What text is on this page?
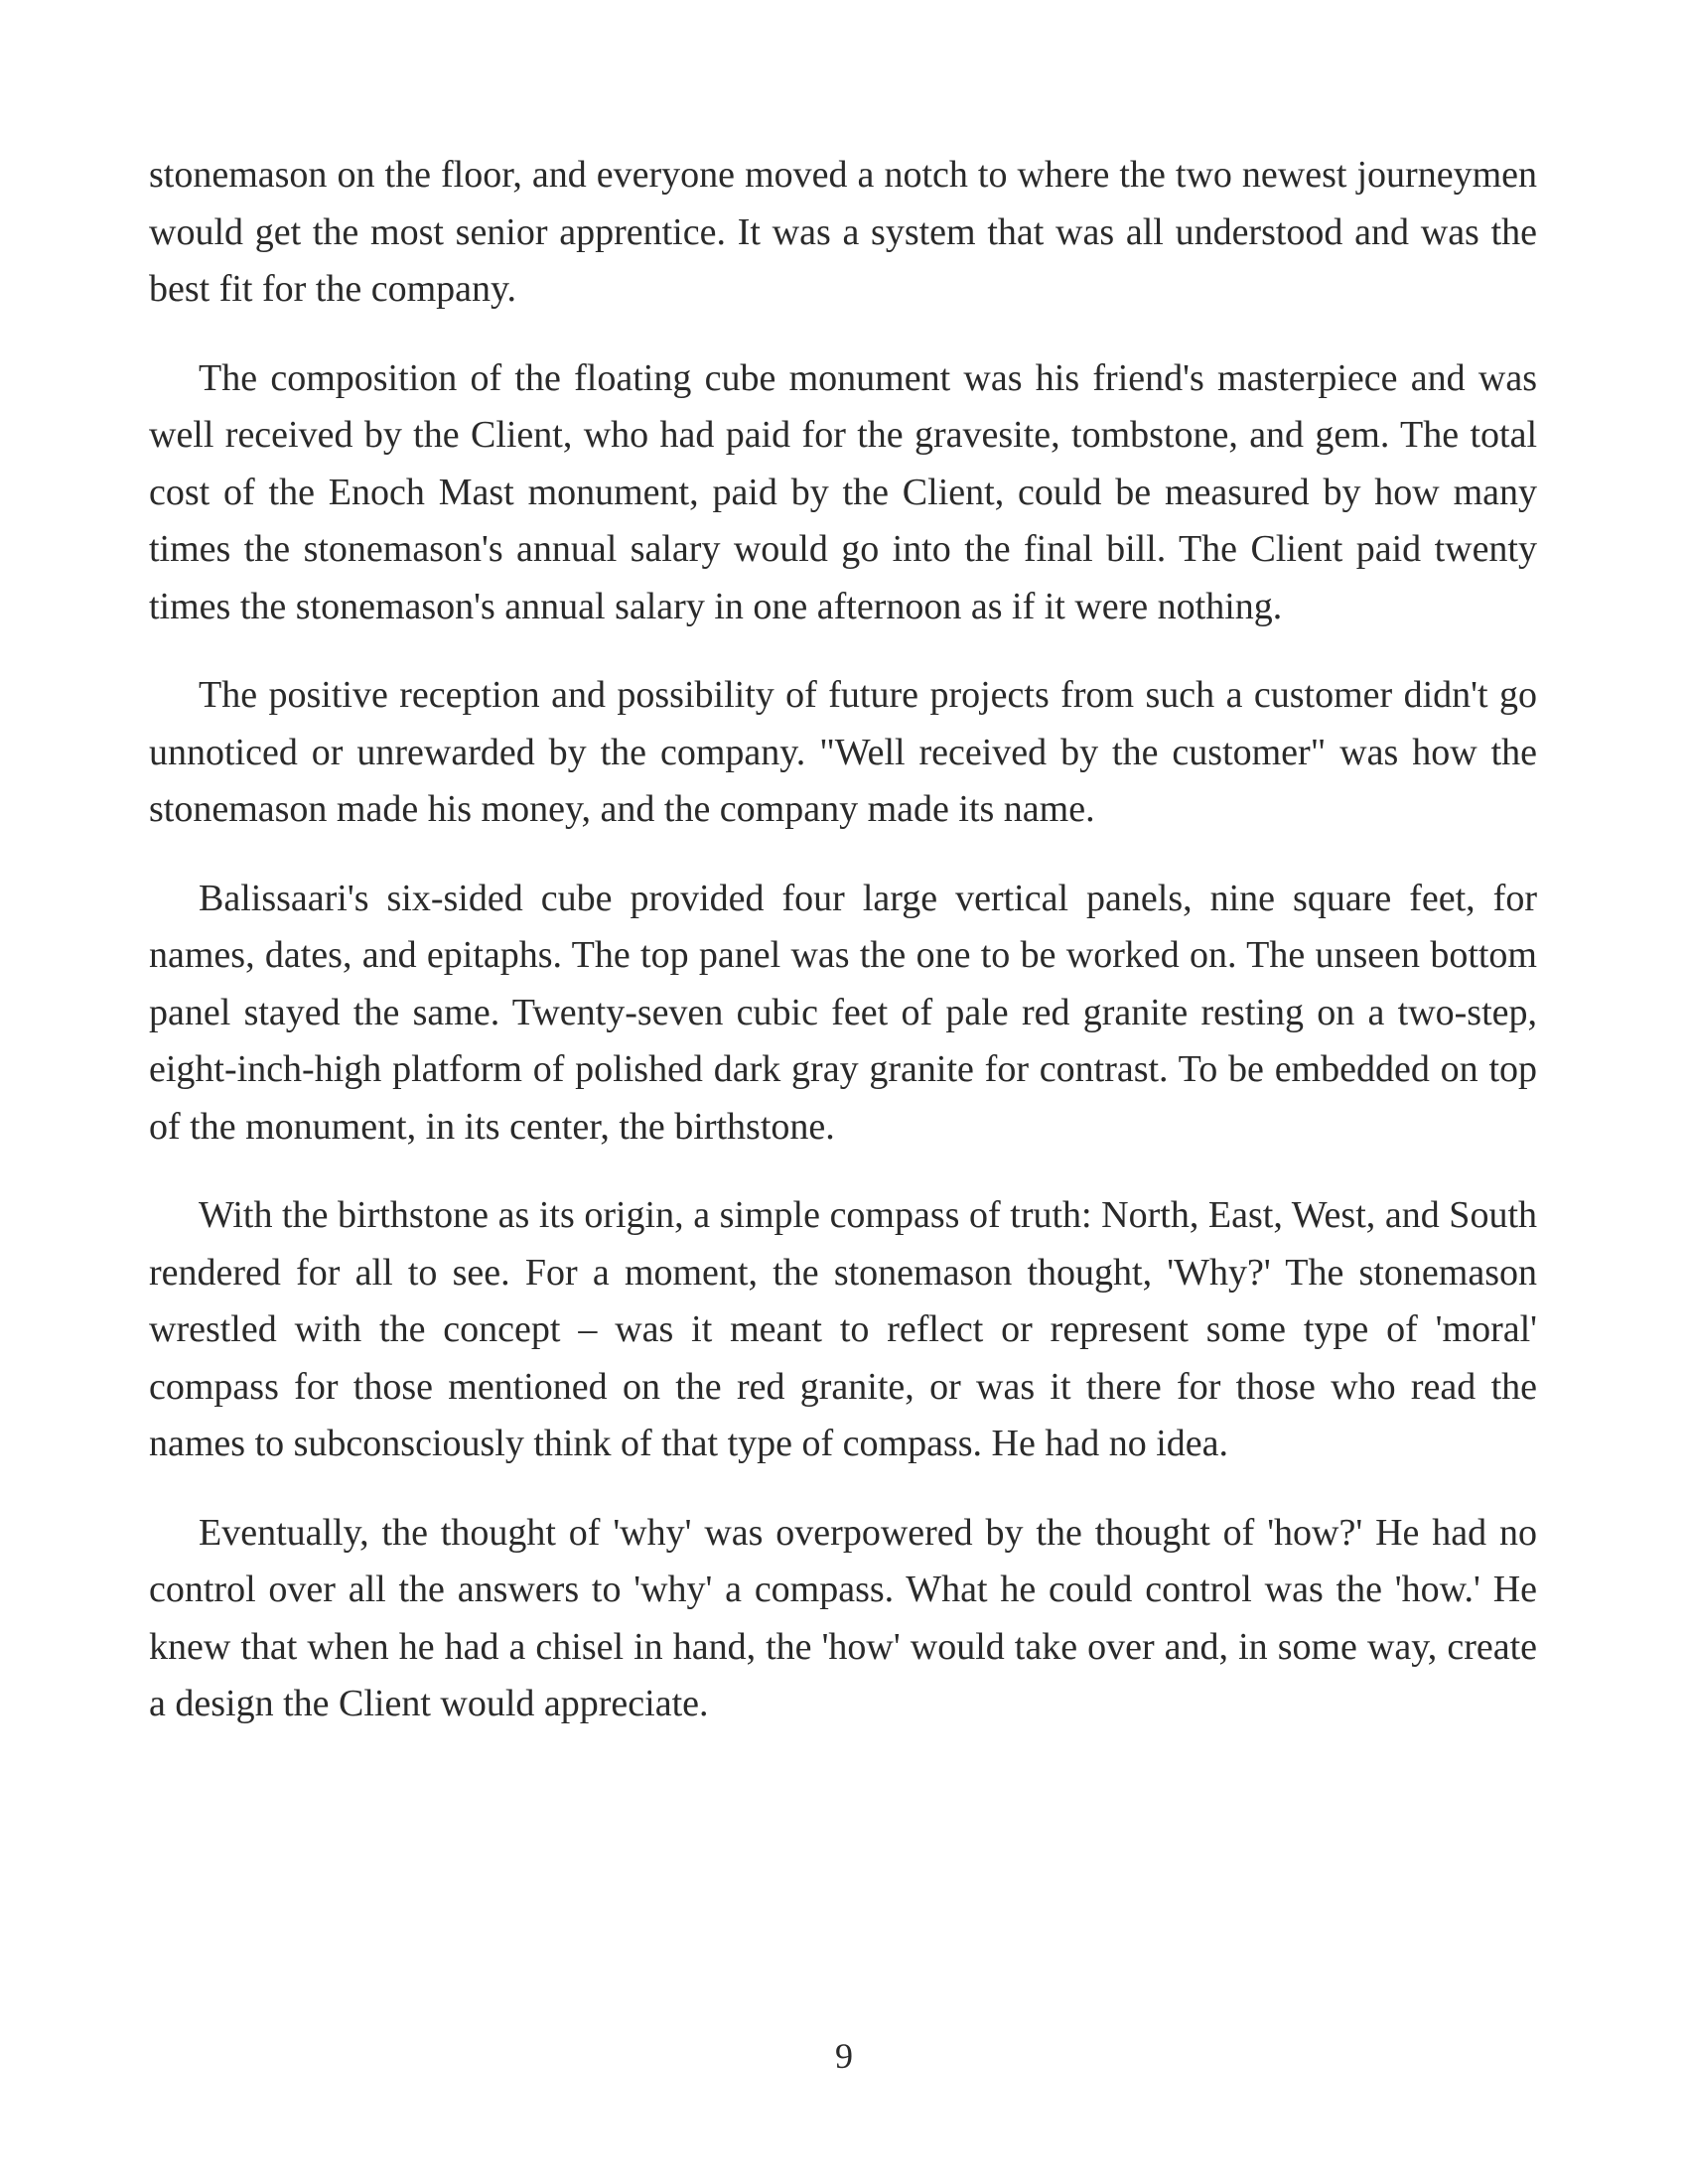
stonemason on the floor, and everyone moved a notch to where the two newest journeymen would get the most senior apprentice. It was a system that was all understood and was the best fit for the company.

The composition of the floating cube monument was his friend's masterpiece and was well received by the Client, who had paid for the gravesite, tombstone, and gem. The total cost of the Enoch Mast monument, paid by the Client, could be measured by how many times the stonemason's annual salary would go into the final bill. The Client paid twenty times the stonemason's annual salary in one afternoon as if it were nothing.

The positive reception and possibility of future projects from such a customer didn't go unnoticed or unrewarded by the company. "Well received by the customer" was how the stonemason made his money, and the company made its name.

Balissaari's six-sided cube provided four large vertical panels, nine square feet, for names, dates, and epitaphs. The top panel was the one to be worked on. The unseen bottom panel stayed the same. Twenty-seven cubic feet of pale red granite resting on a two-step, eight-inch-high platform of polished dark gray granite for contrast. To be embedded on top of the monument, in its center, the birthstone.

With the birthstone as its origin, a simple compass of truth: North, East, West, and South rendered for all to see. For a moment, the stonemason thought, 'Why?' The stonemason wrestled with the concept – was it meant to reflect or represent some type of 'moral' compass for those mentioned on the red granite, or was it there for those who read the names to subconsciously think of that type of compass. He had no idea.

Eventually, the thought of 'why' was overpowered by the thought of 'how?' He had no control over all the answers to 'why' a compass. What he could control was the 'how.' He knew that when he had a chisel in hand, the 'how' would take over and, in some way, create a design the Client would appreciate.

9
